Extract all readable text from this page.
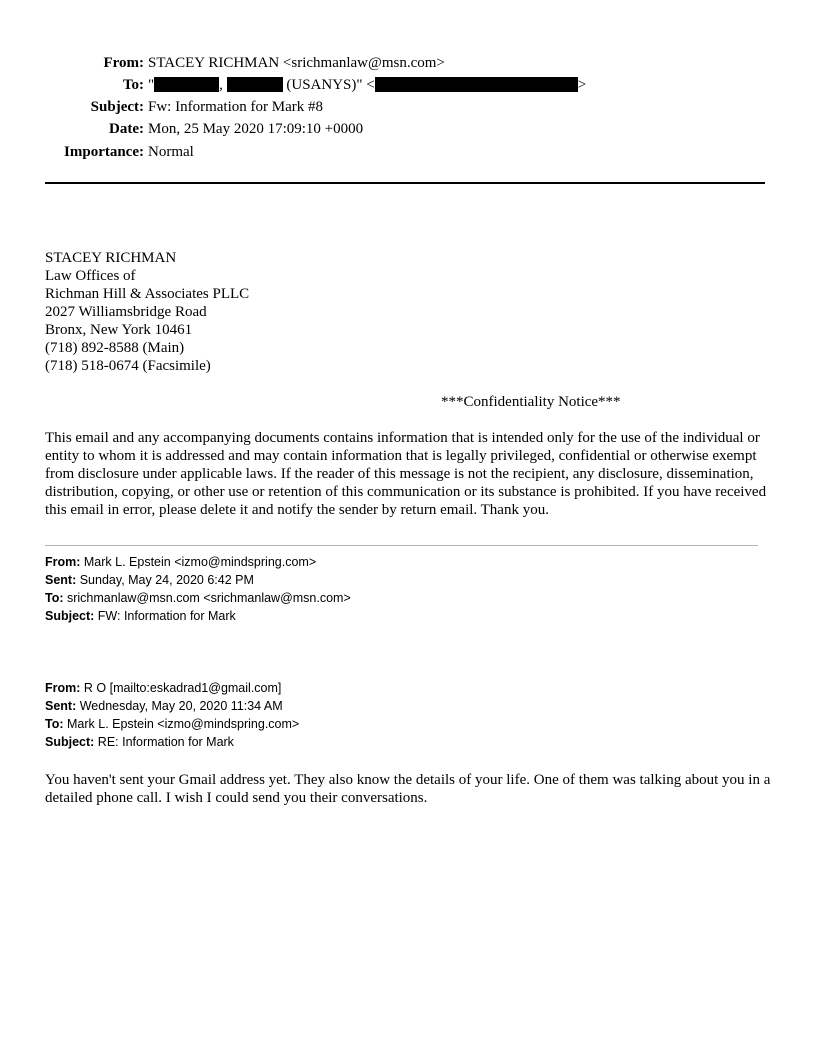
From: STACEY RICHMAN <srichmanlaw@msn.com>
To: "	,	(USANYS)" <	>
Subject: Fw: Information for Mark #8
Date: Mon, 25 May 2020 17:09:10 +0000
Importance: Normal
STACEY RICHMAN
Law Offices of
Richman Hill & Associates PLLC
2027 Williamsbridge Road
Bronx, New York 10461
(718) 892-8588 (Main)
(718) 518-0674 (Facsimile)
***Confidentiality Notice***
This email and any accompanying documents contains information that is intended only for the use of the individual or entity to whom it is addressed and may contain information that is legally privileged, confidential or otherwise exempt from disclosure under applicable laws. If the reader of this message is not the recipient, any disclosure, dissemination, distribution, copying, or other use or retention of this communication or its substance is prohibited. If you have received this email in error, please delete it and notify the sender by return email. Thank you.
From: Mark L. Epstein <izmo@mindspring.com>
Sent: Sunday, May 24, 2020 6:42 PM
To: srichmanlaw@msn.com <srichmanlaw@msn.com>
Subject: FW: Information for Mark
From: R O [mailto:eskadrad1@gmail.com]
Sent: Wednesday, May 20, 2020 11:34 AM
To: Mark L. Epstein <izmo@mindspring.com>
Subject: RE: Information for Mark
You haven't sent your Gmail address yet. They also know the details of your life. One of them was talking about you in a detailed phone call. I wish I could send you their conversations.
